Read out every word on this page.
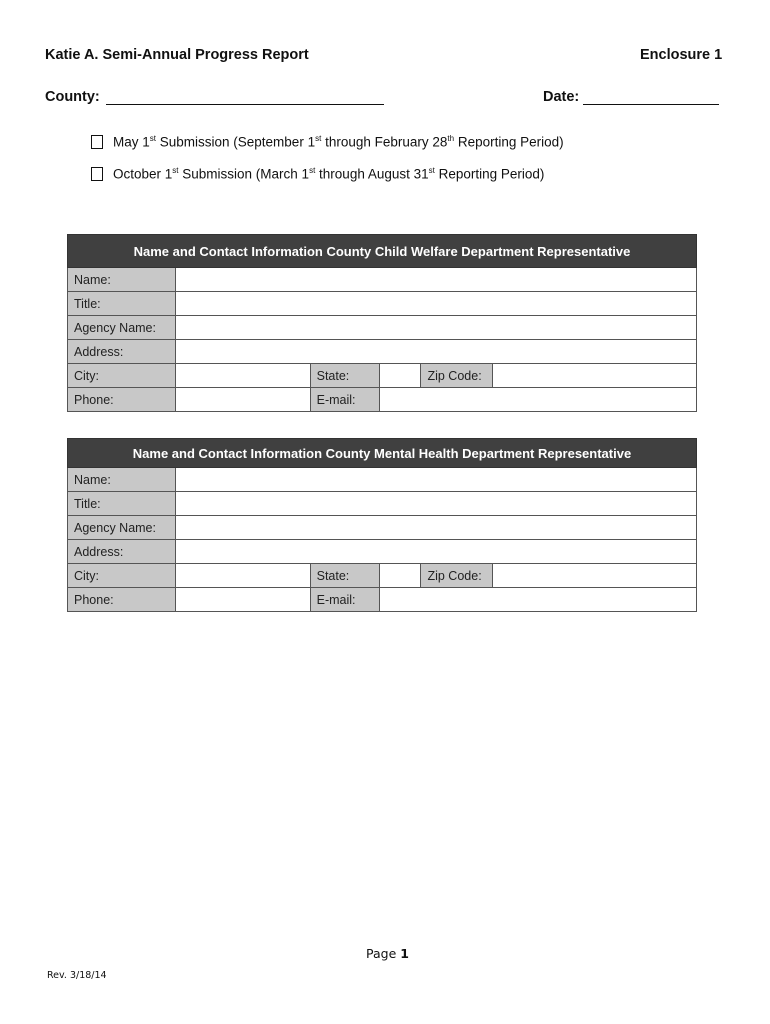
Katie A. Semi-Annual Progress Report	Enclosure 1
County:	Date:
May 1st Submission (September 1st through February 28th Reporting Period)
October 1st Submission (March 1st through August 31st Reporting Period)
Name and Contact Information County Child Welfare Department Representative					
Name:					
Title:					
Agency Name:					
Address:					
City:		State:		Zip Code:	
Phone:		E-mail:			
Name and Contact Information County Mental Health Department Representative					
Name:					
Title:					
Agency Name:					
Address:					
City:		State:		Zip Code:	
Phone:		E-mail:			
Page 1
Rev. 3/18/14
